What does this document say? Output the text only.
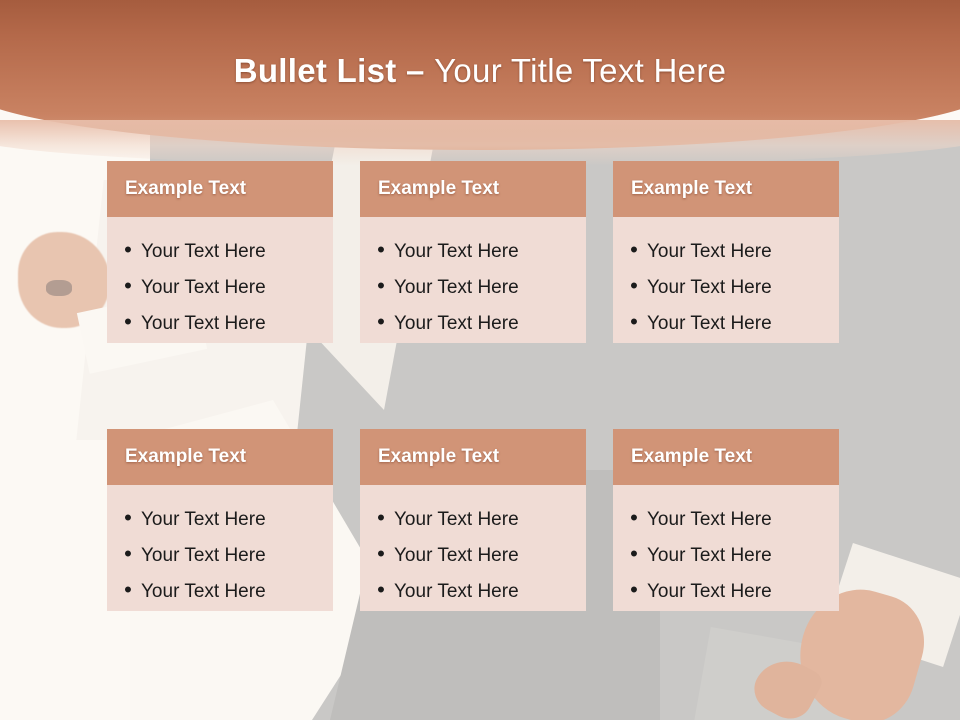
Bullet List – Your Title Text Here
Example Text
• Your Text Here
• Your Text Here
• Your Text Here
Example Text
• Your Text Here
• Your Text Here
• Your Text Here
Example Text
• Your Text Here
• Your Text Here
• Your Text Here
Example Text
• Your Text Here
• Your Text Here
• Your Text Here
Example Text
• Your Text Here
• Your Text Here
• Your Text Here
Example Text
• Your Text Here
• Your Text Here
• Your Text Here
